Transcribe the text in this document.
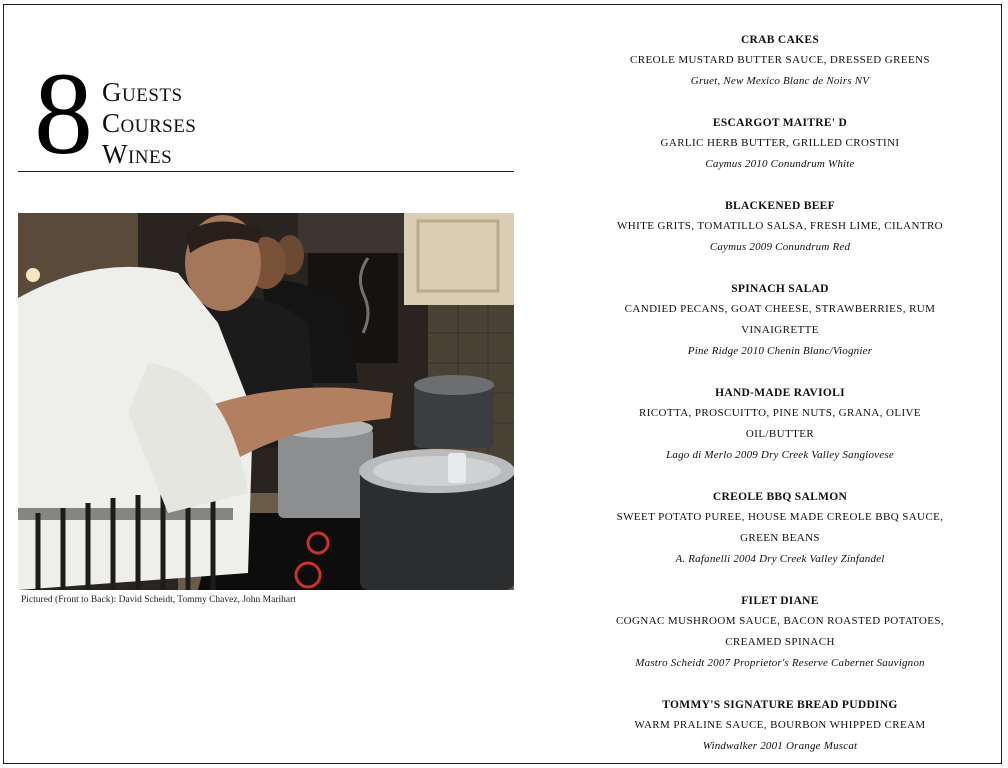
8 guests
Courses
Wines
Pictured (Front to Back): David Scheidt, Tommy Chavez, John Marihart
CRAB CAKES
CREOLE MUSTARD BUTTER SAUCE, DRESSED GREENS
Gruet, New Mexico Blanc de Noirs NV
ESCARGOT MAITRE' D
GARLIC HERB BUTTER, GRILLED CROSTINI
Caymus 2010 Conundrum White
BLACKENED BEEF
WHITE GRITS, TOMATILLO SALSA, FRESH LIME, CILANTRO
Caymus 2009 Conundrum Red
SPINACH SALAD
CANDIED PECANS, GOAT CHEESE, STRAWBERRIES, RUM VINAIGRETTE
Pine Ridge 2010 Chenin Blanc/Viognier
HAND-MADE RAVIOLI
RICOTTA, PROSCUITTO, PINE NUTS, GRANA, OLIVE OIL/BUTTER
Lago di Merlo 2009 Dry Creek Valley Sangiovese
CREOLE BBQ SALMON
SWEET POTATO PUREE, HOUSE MADE CREOLE BBQ SAUCE, GREEN BEANS
A. Rafanelli 2004 Dry Creek Valley Zinfandel
FILET DIANE
COGNAC MUSHROOM SAUCE, BACON ROASTED POTATOES, CREAMED SPINACH
Mastro Scheidt 2007 Proprietor's Reserve Cabernet Sauvignon
TOMMY'S SIGNATURE BREAD PUDDING
WARM PRALINE SAUCE, BOURBON WHIPPED CREAM
Windwalker 2001 Orange Muscat
